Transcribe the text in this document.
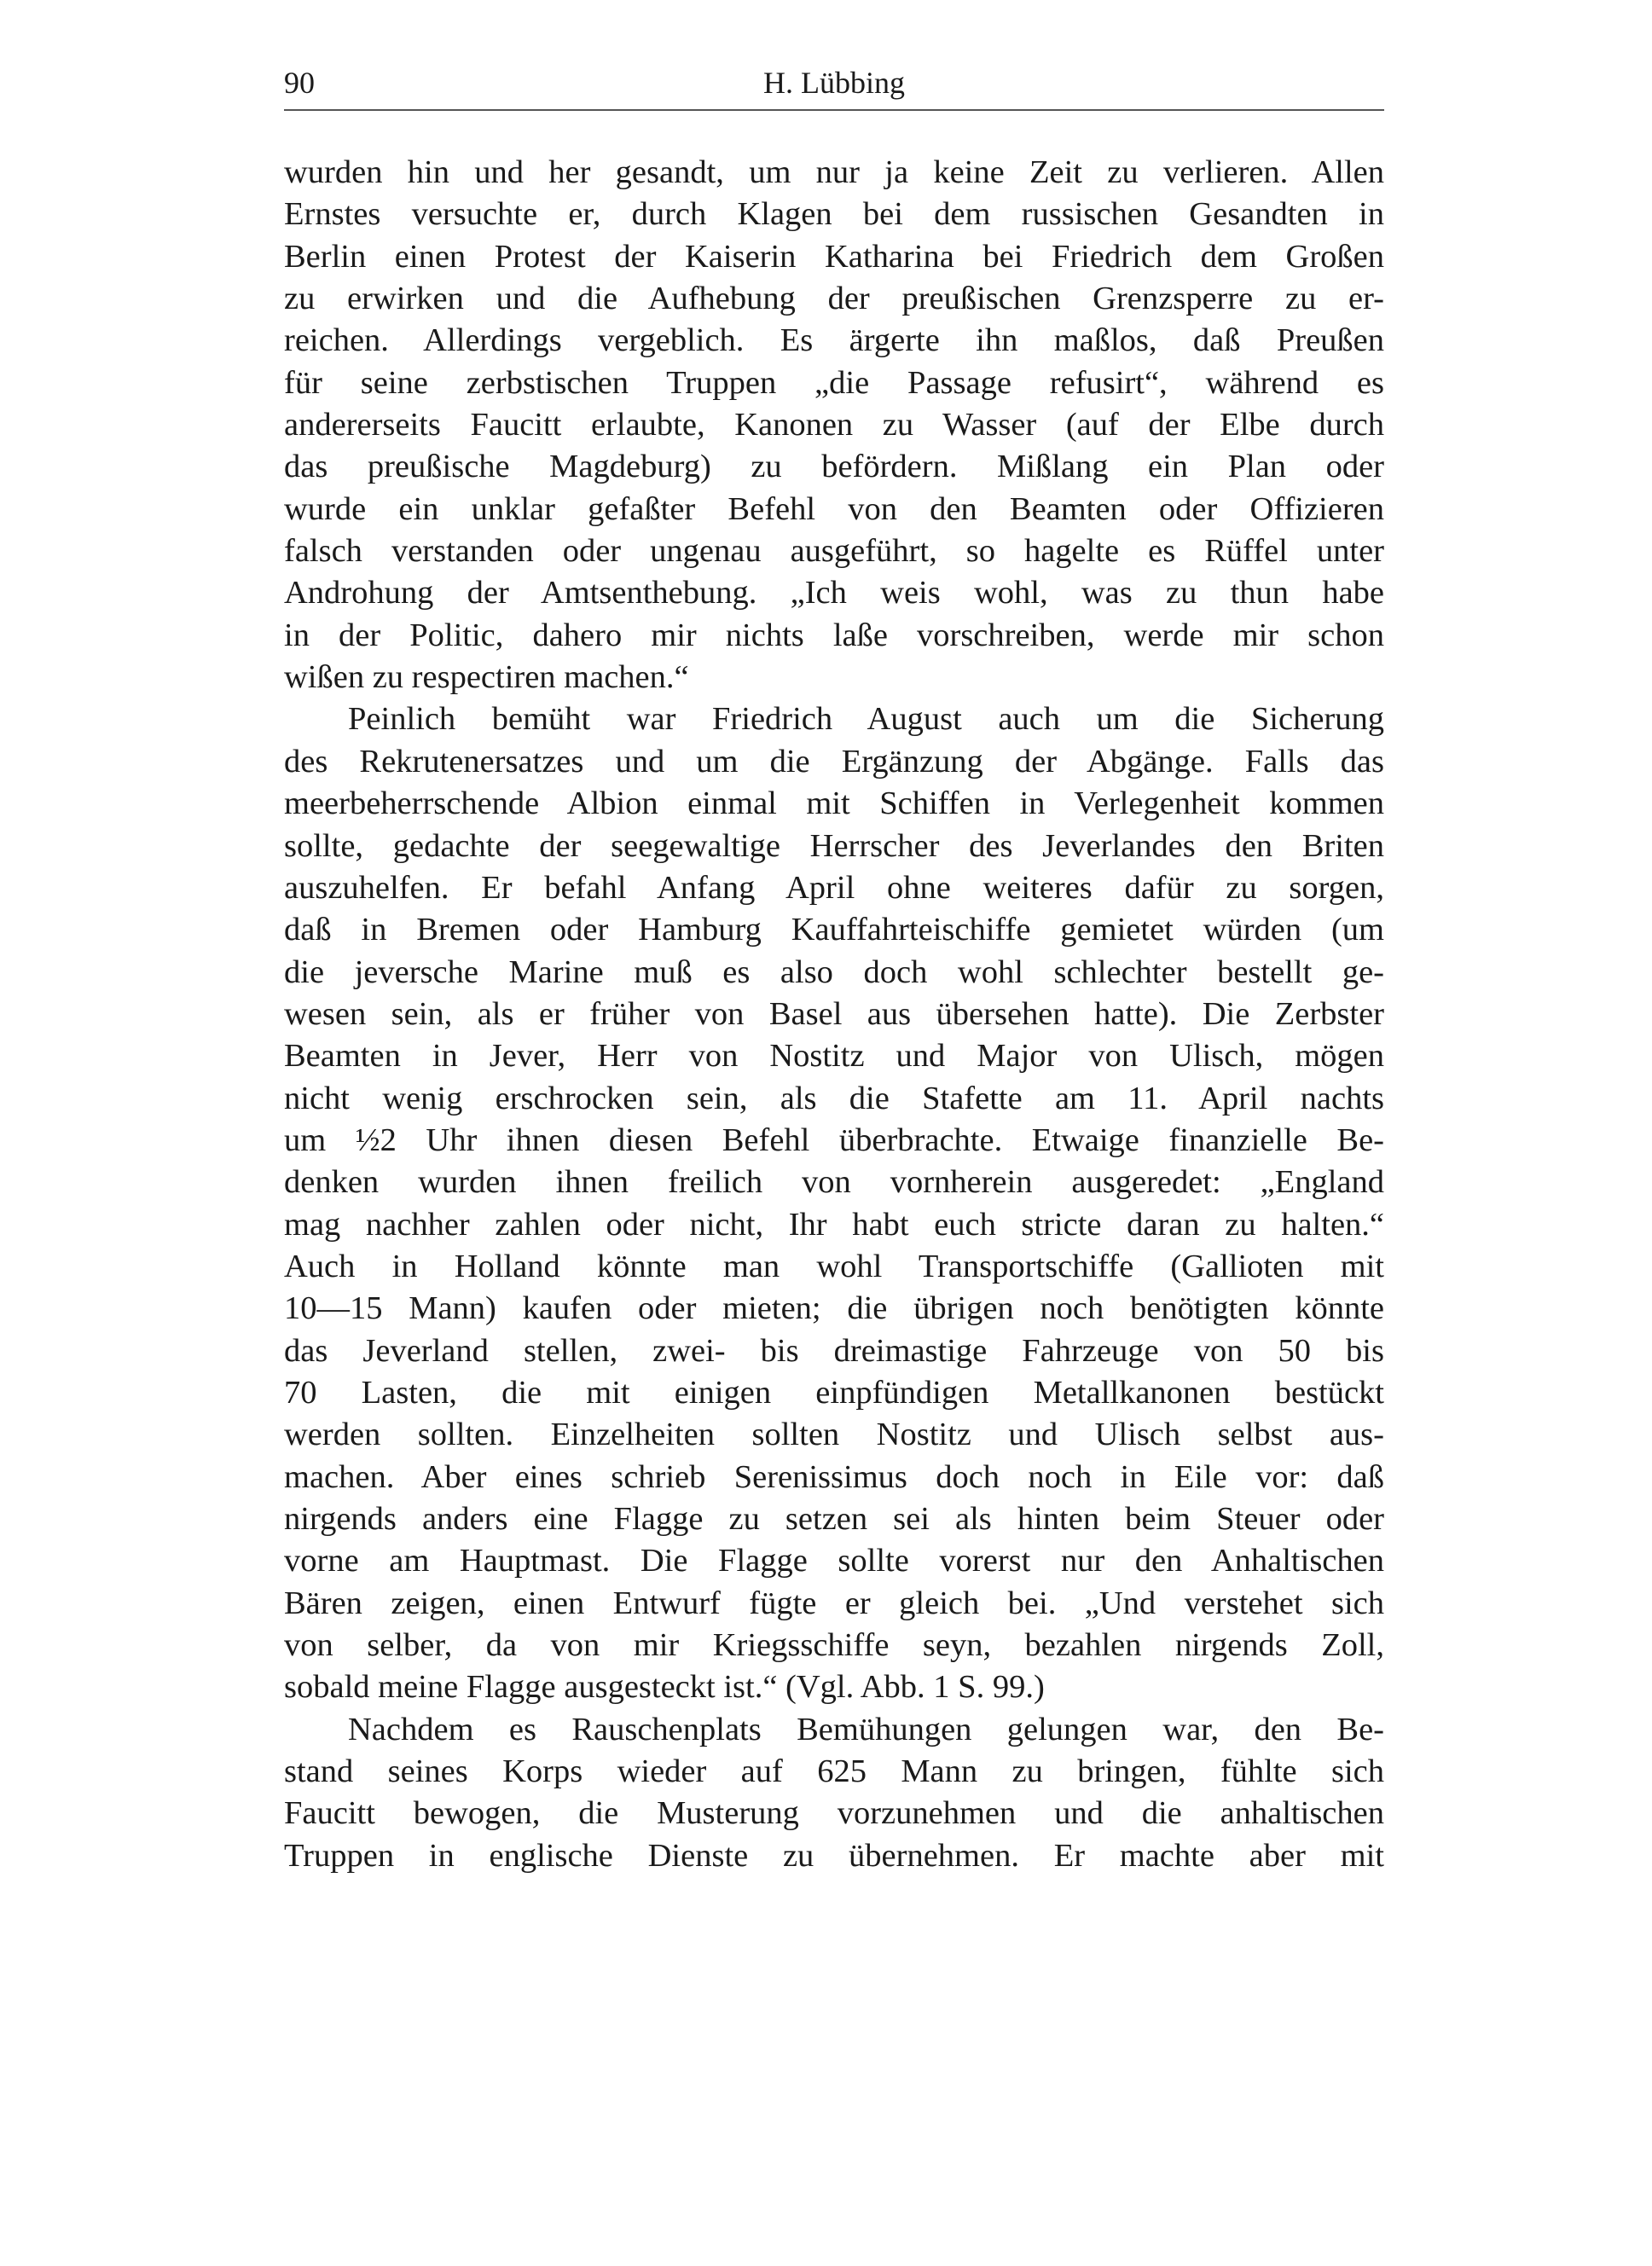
90	H. Lübbing
wurden hin und her gesandt, um nur ja keine Zeit zu verlieren. Allen
Ernstes versuchte er, durch Klagen bei dem russischen Gesandten in
Berlin einen Protest der Kaiserin Katharina bei Friedrich dem Großen
zu erwirken und die Aufhebung der preußischen Grenzsperre zu er-
reichen. Allerdings vergeblich. Es ärgerte ihn maßlos, daß Preußen
für seine zerbstischen Truppen „die Passage refusirt“, während es
andererseits Faucitt erlaubte, Kanonen zu Wasser (auf der Elbe durch
das preußische Magdeburg) zu befördern. Mißlang ein Plan oder
wurde ein unklar gefaßter Befehl von den Beamten oder Offizieren
falsch verstanden oder ungenau ausgeführt, so hagelte es Rüffel unter
Androhung der Amtsenthebung. „Ich weis wohl, was zu thun habe
in der Politic, dahero mir nichts laße vorschreiben, werde mir schon
wißen zu respectiren machen.“
Peinlich bemüht war Friedrich August auch um die Sicherung
des Rekrutenersatzes und um die Ergänzung der Abgänge. Falls das
meerbeherrschende Albion einmal mit Schiffen in Verlegenheit kommen
sollte, gedachte der seegewaltige Herrscher des Jeverlandes den Briten
auszuhelfen. Er befahl Anfang April ohne weiteres dafür zu sorgen,
daß in Bremen oder Hamburg Kauffahrteischiffe gemietet würden (um
die jeversche Marine muß es also doch wohl schlechter bestellt ge-
wesen sein, als er früher von Basel aus übersehen hatte). Die Zerbster
Beamten in Jever, Herr von Nostitz und Major von Ulisch, mögen
nicht wenig erschrocken sein, als die Stafette am 11. April nachts
um ½2 Uhr ihnen diesen Befehl überbrachte. Etwaige finanzielle Be-
denken wurden ihnen freilich von vornherein ausgeredet: „England
mag nachher zahlen oder nicht, Ihr habt euch stricte daran zu halten.“
Auch in Holland könnte man wohl Transportschiffe (Gallioten mit
10—15 Mann) kaufen oder mieten; die übrigen noch benötigten könnte
das Jeverland stellen, zwei- bis dreimastige Fahrzeuge von 50 bis
70 Lasten, die mit einigen einpfündigen Metallkanonen bestückt
werden sollten. Einzelheiten sollten Nostitz und Ulisch selbst aus-
machen. Aber eines schrieb Serenissimus doch noch in Eile vor: daß
nirgends anders eine Flagge zu setzen sei als hinten beim Steuer oder
vorne am Hauptmast. Die Flagge sollte vorerst nur den Anhaltischen
Bären zeigen, einen Entwurf fügte er gleich bei. „Und verstehet sich
von selber, da von mir Kriegsschiffe seyn, bezahlen nirgends Zoll,
sobald meine Flagge ausgesteckt ist.“ (Vgl. Abb. 1 S. 99.)
Nachdem es Rauschenplats Bemühungen gelungen war, den Be-
stand seines Korps wieder auf 625 Mann zu bringen, fühlte sich
Faucitt bewogen, die Musterung vorzunehmen und die anhaltischen
Truppen in englische Dienste zu übernehmen. Er machte aber mit
